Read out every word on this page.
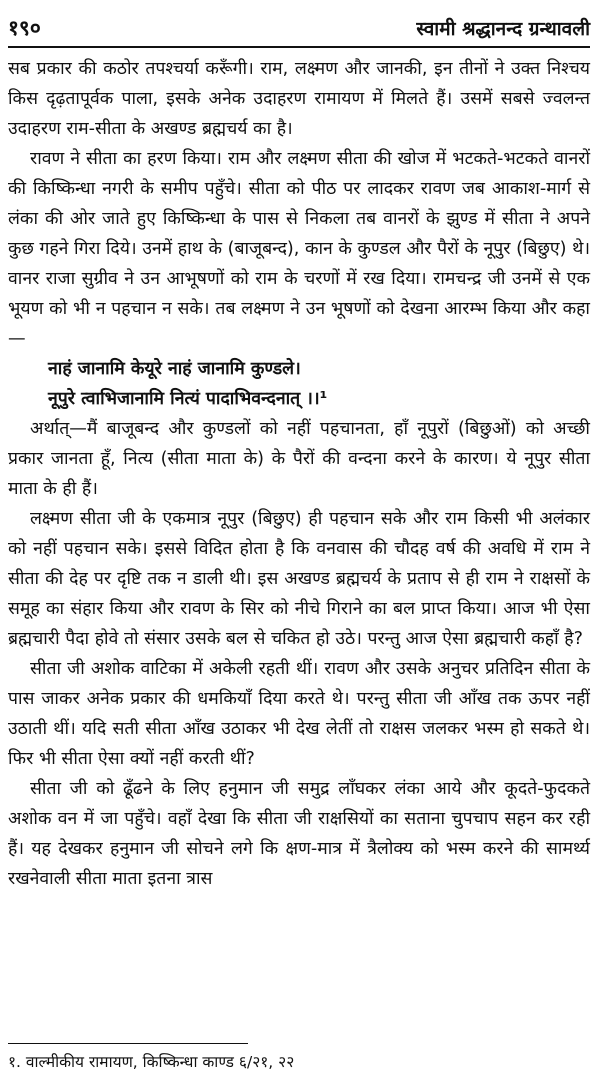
१९०	स्वामी श्रद्धानन्द ग्रन्थावली

सब प्रकार की कठोर तपश्चर्या करूँगी। राम, लक्ष्मण और जानकी, इन तीनों ने उक्त निश्चय किस दृढ़तापूर्वक पाला, इसके अनेक उदाहरण रामायण में मिलते हैं। उसमें सबसे ज्वलन्त उदाहरण राम-सीता के अखण्ड ब्रह्मचर्य का है।

रावण ने सीता का हरण किया। राम और लक्ष्मण सीता की खोज में भटकते-भटकते वानरों की किष्किन्धा नगरी के समीप पहुँचे। सीता को पीठ पर लादकर रावण जब आकाश-मार्ग से लंका की ओर जाते हुए किष्किन्धा के पास से निकला तब वानरों के झुण्ड में सीता ने अपने कुछ गहने गिरा दिये। उनमें हाथ के (बाजूबन्द), कान के कुण्डल और पैरों के नूपुर (बिछुए) थे। वानर राजा सुग्रीव ने उन आभूषणों को राम के चरणों में रख दिया। रामचन्द्र जी उनमें से एक भूयण को भी न पहचान न सके। तब लक्ष्मण ने उन भूषणों को देखना आरम्भ किया और कहा—

नाहं जानामि केयूरे नाहं जानामि कुण्डले।

नूपुरे त्वाभिजानामि नित्यं पादाभिवन्दनात् ।।¹

अर्थात्—मैं बाजूबन्द और कुण्डलों को नहीं पहचानता, हाँ नूपुरों (बिछुओं) को अच्छी प्रकार जानता हूँ, नित्य (सीता माता के) के पैरों की वन्दना करने के कारण। ये नूपुर सीता माता के ही हैं।

लक्ष्मण सीता जी के एकमात्र नूपुर (बिछुए) ही पहचान सके और राम किसी भी अलंकार को नहीं पहचान सके। इससे विदित होता है कि वनवास की चौदह वर्ष की अवधि में राम ने सीता की देह पर दृष्टि तक न डाली थी। इस अखण्ड ब्रह्मचर्य के प्रताप से ही राम ने राक्षसों के समूह का संहार किया और रावण के सिर को नीचे गिराने का बल प्राप्त किया। आज भी ऐसा ब्रह्मचारी पैदा होवे तो संसार उसके बल से चकित हो उठे। परन्तु आज ऐसा ब्रह्मचारी कहाँ है?

सीता जी अशोक वाटिका में अकेली रहती थीं। रावण और उसके अनुचर प्रतिदिन सीता के पास जाकर अनेक प्रकार की धमकियाँ दिया करते थे। परन्तु सीता जी आँख तक ऊपर नहीं उठाती थीं। यदि सती सीता आँख उठाकर भी देख लेतीं तो राक्षस जलकर भस्म हो सकते थे। फिर भी सीता ऐसा क्यों नहीं करती थीं?

सीता जी को ढूँढने के लिए हनुमान जी समुद्र लाँघकर लंका आये और कूदते-फुदकते अशोक वन में जा पहुँचे। वहाँ देखा कि सीता जी राक्षसियों का सताना चुपचाप सहन कर रही हैं। यह देखकर हनुमान जी सोचने लगे कि क्षण-मात्र में त्रैलोक्य को भस्म करने की सामर्थ्य रखनेवाली सीता माता इतना त्रास

१. वाल्मीकीय रामायण, किष्किन्धा काण्ड ६/२१, २२
